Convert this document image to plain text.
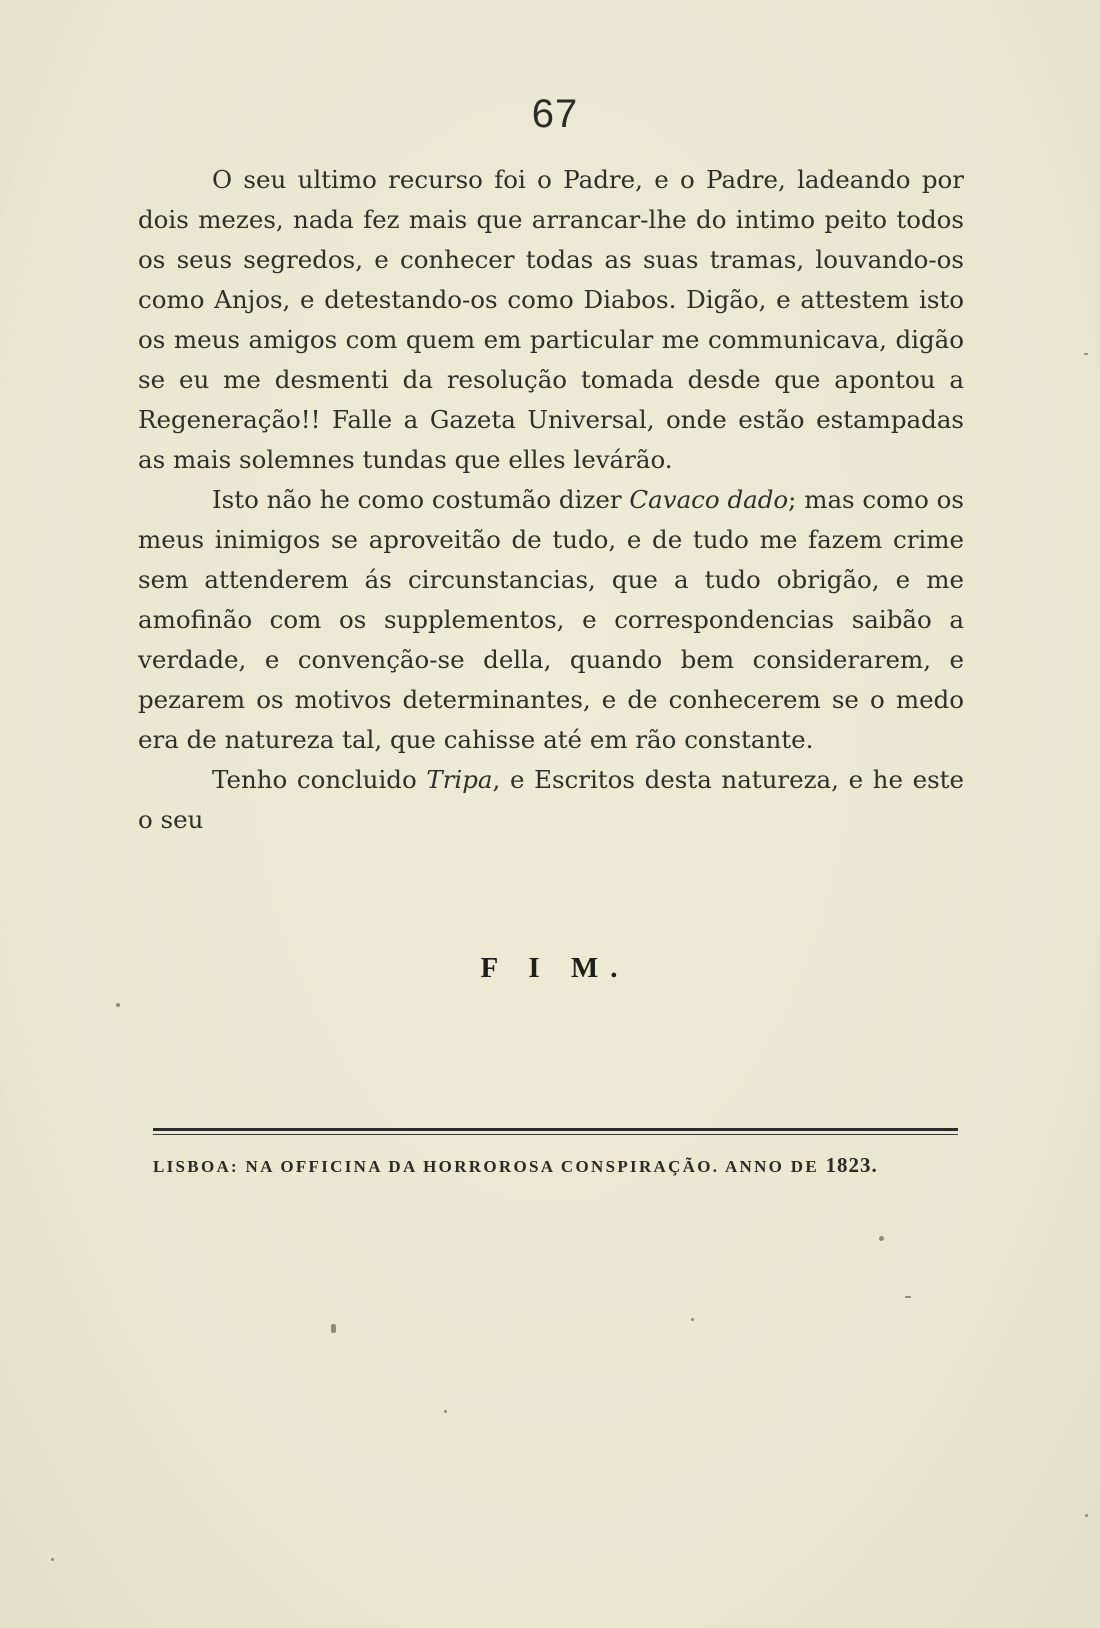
67

O seu ultimo recurso foi o Padre, e o Padre, ladeando por dois mezes, nada fez mais que arrancar-lhe do intimo peito todos os seus segredos, e conhecer todas as suas tramas, louvando-os como Anjos, e detestando-os como Diabos. Digão, e attestem isto os meus amigos com quem em particular me communicava, digão se eu me desmenti da resolução tomada desde que apontou a Regeneração!! Falle a Gazeta Universal, onde estão estampadas as mais solemnes tundas que elles levárão.

Isto não he como costumão dizer Cavaco dado; mas como os meus inimigos se aproveitão de tudo, e de tudo me fazem crime sem attenderem ás circunstancias, que a tudo obrigão, e me amofinão com os supplementos, e correspondencias saibão a verdade, e convenção-se della, quando bem considerarem, e pezarem os motivos determinantes, e de conhecerem se o medo era de natureza tal, que cahisse até em rão constante.

Tenho concluido Tripa, e Escritos desta natureza, e he este o seu

F I M.
LISBOA: NA OFFICINA DA HORROROSA CONSPIRAÇÃO. ANNO DE 1823.
